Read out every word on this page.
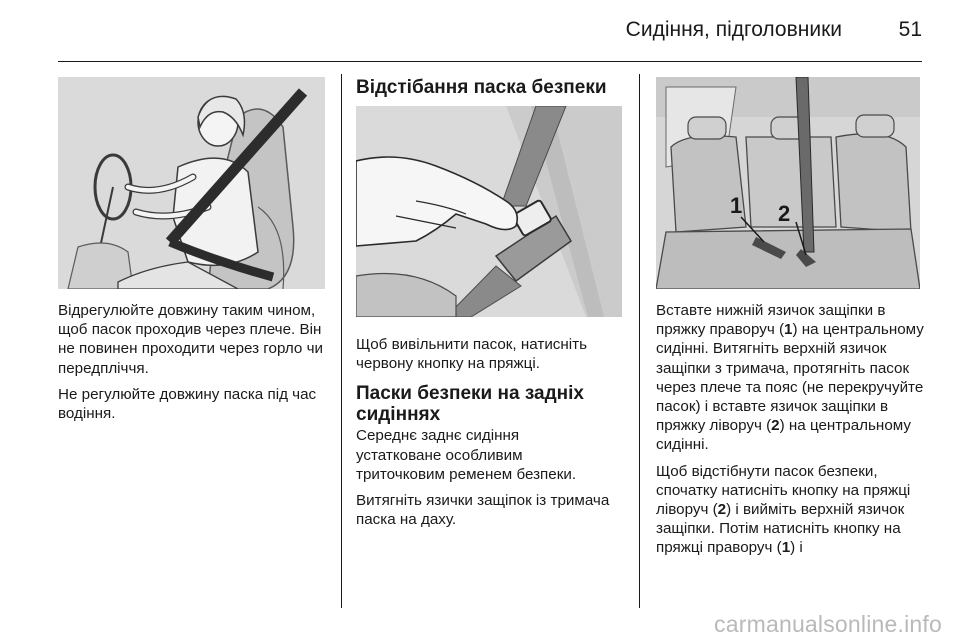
Сидіння, підголовники	51

Відрегулюйте довжину таким чином, щоб пасок проходив через плече. Він не повинен проходити через горло чи передпліччя.

Не регулюйте довжину паска під час водіння.

Відстібання паска безпеки

Щоб вивільнити пасок, натисніть червону кнопку на пряжці.

Паски безпеки на задніх сидіннях

Середнє заднє сидіння устатковане особливим триточковим ременем безпеки.

Витягніть язички защіпок із тримача паска на даху.

1 2

Вставте нижній язичок защіпки в пряжку праворуч (1) на центральному сидінні. Витягніть верхній язичок защіпки з тримача, протягніть пасок через плече та пояс (не перекручуйте пасок) і вставте язичок защіпки в пряжку ліворуч (2) на центральному сидінні.

Щоб відстібнути пасок безпеки, спочатку натисніть кнопку на пряжці ліворуч (2) і вийміть верхній язичок защіпки. Потім натисніть кнопку на пряжці праворуч (1) і

carmanualsonline.info
